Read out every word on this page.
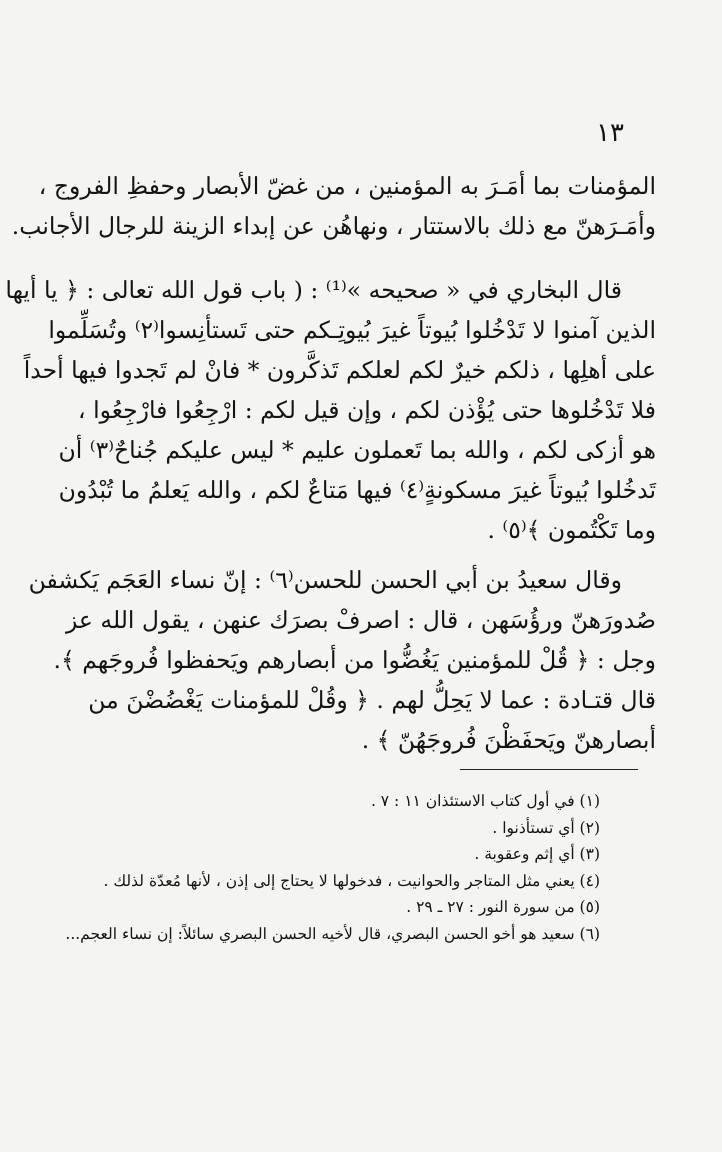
١٣

المؤمنات بما أمَـرَ به المؤمنين ، من غضّ الأبصار وحفظِ الفروج ،
وأمَـرَهنّ مع ذلك بالاستتار ، ونهاهُن عن إبداء الزينة للرجال الأجانب.

قال البخاري في « صحيحه »⁽¹⁾ : ( باب قول الله تعالى : ﴿ يا أيها
الذين آمنوا لا تَدْخُلوا بُيوتاً غيرَ بُيوتِـكم حتى تَستأنِسوا⁽٢⁾ وتُسَلِّموا
على أهلِها ، ذلكم خيرٌ لكم لعلكم تَذكَّرون * فانْ لم تَجدوا فيها أحداً
فلا تَدْخُلوها حتى يُؤْذن لكم ، وإن قيل لكم : ارْجِعُوا فارْجِعُوا ،
هو أزكى لكم ، والله بما تَعملون عليم * ليس عليكم جُناحٌ⁽٣⁾ أن
تَدخُلوا بُيوتاً غيرَ مسكونةٍ⁽٤⁾ فيها مَتاعٌ لكم ، والله يَعلمُ ما تُبْدُون
وما تَكْتُمون ﴾⁽٥⁾ .

وقال سعيدُ بن أبي الحسن للحسن⁽٦⁾ : إنّ نساء العَجَم يَكشفن
صُدورَهنّ ورؤُسَهن ، قال : اصرفْ بصرَك عنهن ، يقول الله عز
وجل : ﴿ قُلْ للمؤمنين يَغُضُّوا من أبصارهم ويَحفظوا فُروجَهم ﴾.
قال قتـادة : عما لا يَحِلُّ لهم . ﴿ وقُلْ للمؤمنات يَغْضُضْنَ من
أبصارهنّ ويَحفَظْنَ فُروجَهُنّ ﴾ .

(١) في أول كتاب الاستئذان ١١ : ٧ .
(٢) أي تستأذنوا .
(٣) أي إثم وعقوبة .
(٤) يعني مثل المتاجر والحوانيت ، فدخولها لا يحتاج إلى إذن ، لأنها مُعدّة لذلك .
(٥) من سورة النور : ٢٧ ـ ٢٩ .
(٦) سعيد هو أخو الحسن البصري، قال لأخيه الحسن البصري سائلاً: إن نساء العجم...
